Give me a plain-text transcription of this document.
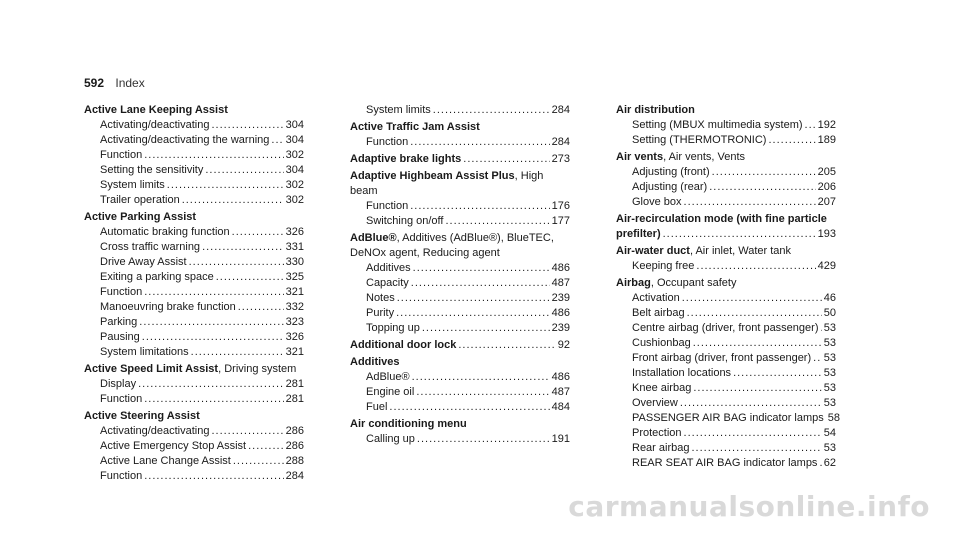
592 Index
Active Lane Keeping Assist
Activating/deactivating .....	304
Activating/deactivating the warning ..... 304
Function .....	302
Setting the sensitivity .....	304
System limits .....	302
Trailer operation .....	302
Active Parking Assist
Automatic braking function .....	326
Cross traffic warning .....	331
Drive Away Assist .....	330
Exiting a parking space .....	325
Function .....	321
Manoeuvring brake function .....	332
Parking .....	323
Pausing .....	326
System limitations .....	321
Active Speed Limit Assist, Driving system
Display .....	281
Function .....	281
Active Steering Assist
Activating/deactivating .....	286
Active Emergency Stop Assist .....	286
Active Lane Change Assist .....	288
Function .....	284
System limits .....	284
Active Traffic Jam Assist
Function .....	284
Adaptive brake lights .....	273
Adaptive Highbeam Assist Plus, High
beam
Function .....	176
Switching on/off .....	177
AdBlue®, Additives (AdBlue®), BlueTEC,
DeNOx agent, Reducing agent
Additives .....	486
Capacity .....	487
Notes .....	239
Purity .....	486
Topping up .....	239
Additional door lock .....	92
Additives
AdBlue® .....	486
Engine oil .....	487
Fuel .....	484
Air conditioning menu
Calling up .....	191
Air distribution
Setting (MBUX multimedia system) ..... 192
Setting (THERMOTRONIC) .....	189
Air vents, Air vents, Vents
Adjusting (front) .....	205
Adjusting (rear) .....	206
Glove box .....	207
Air-recirculation mode (with fine particle
prefilter) .....	193
Air-water duct, Air inlet, Water tank
Keeping free .....	429
Airbag, Occupant safety
Activation .....	46
Belt airbag .....	50
Centre airbag (driver, front passenger) ..... 53
Cushionbag .....	53
Front airbag (driver, front passenger) ..... 53
Installation locations .....	53
Knee airbag .....	53
Overview .....	53
PASSENGER AIR BAG indicator lamps 58
Protection .....	54
Rear airbag .....	53
REAR SEAT AIR BAG indicator lamps ..... 62
carmanualsonline.info
